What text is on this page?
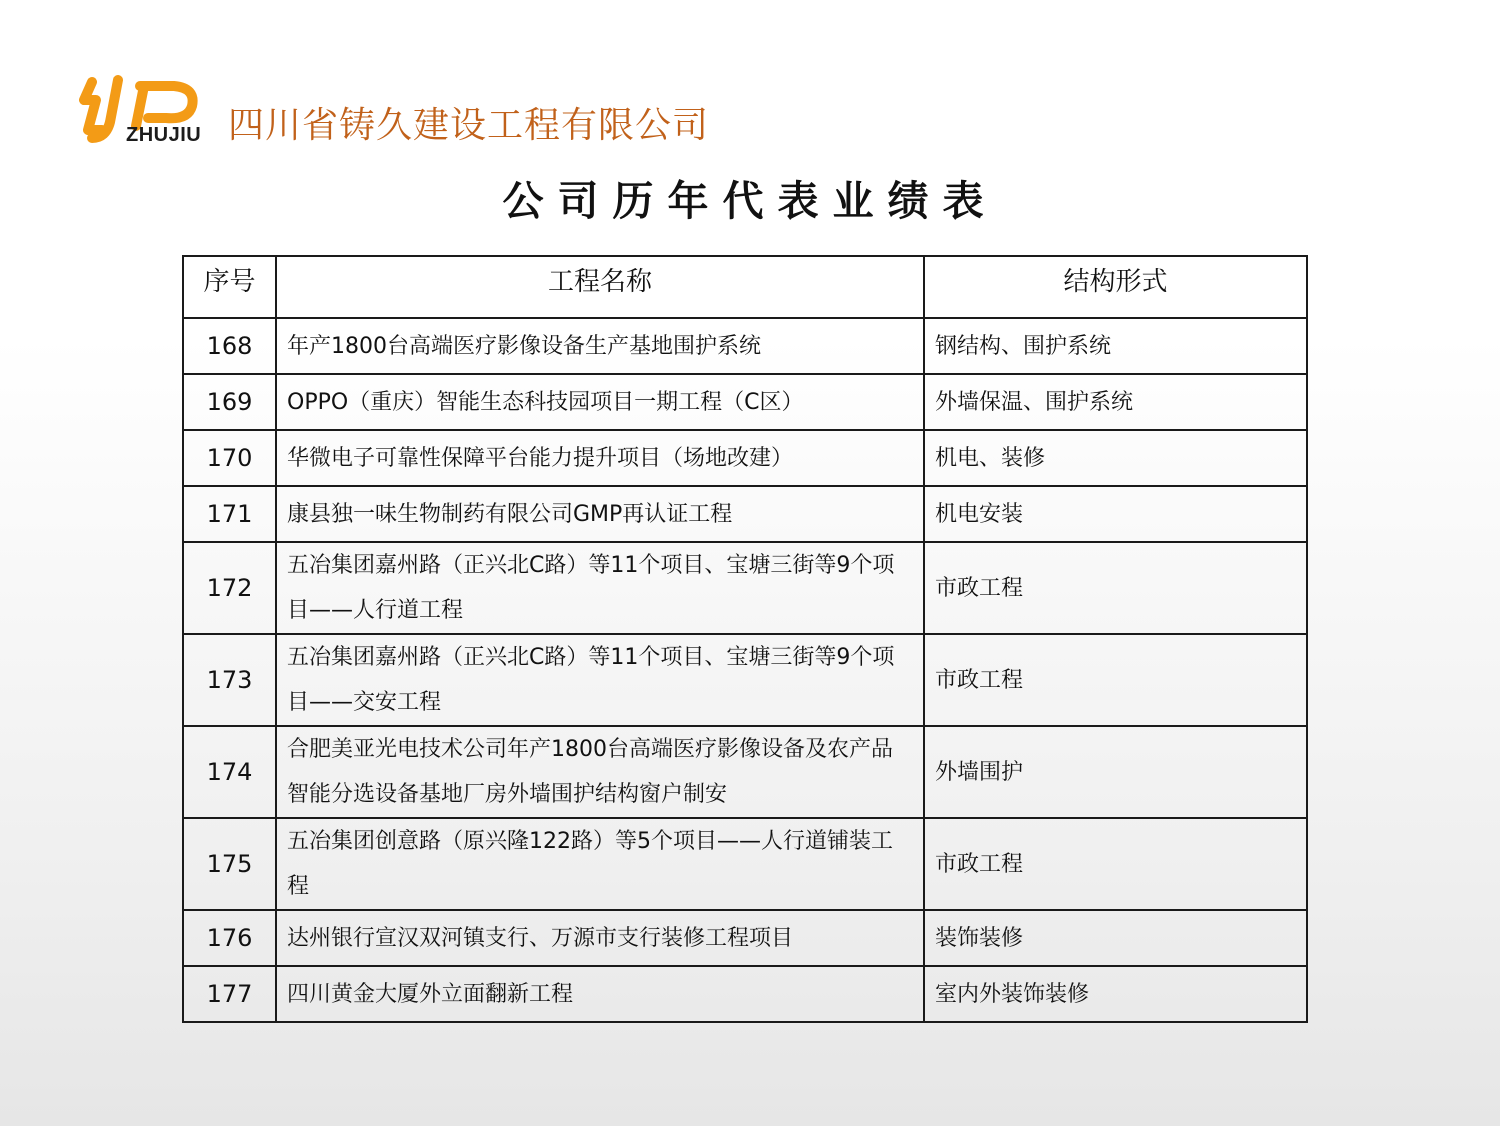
ZHUJIU 四川省铸久建设工程有限公司
公司历年代表业绩表
序号	工程名称	结构形式
168	年产1800台高端医疗影像设备生产基地围护系统	钢结构、围护系统
169	OPPO（重庆）智能生态科技园项目一期工程（C区）	外墙保温、围护系统
170	华微电子可靠性保障平台能力提升项目（场地改建）	机电、装修
171	康县独一味生物制药有限公司GMP再认证工程	机电安装
172	五冶集团嘉州路（正兴北C路）等11个项目、宝塘三街等9个项目——人行道工程	市政工程
173	五冶集团嘉州路（正兴北C路）等11个项目、宝塘三街等9个项目——交安工程	市政工程
174	合肥美亚光电技术公司年产1800台高端医疗影像设备及农产品智能分选设备基地厂房外墙围护结构窗户制安	外墙围护
175	五冶集团创意路（原兴隆122路）等5个项目——人行道铺装工程	市政工程
176	达州银行宣汉双河镇支行、万源市支行装修工程项目	装饰装修
177	四川黄金大厦外立面翻新工程	室内外装饰装修
